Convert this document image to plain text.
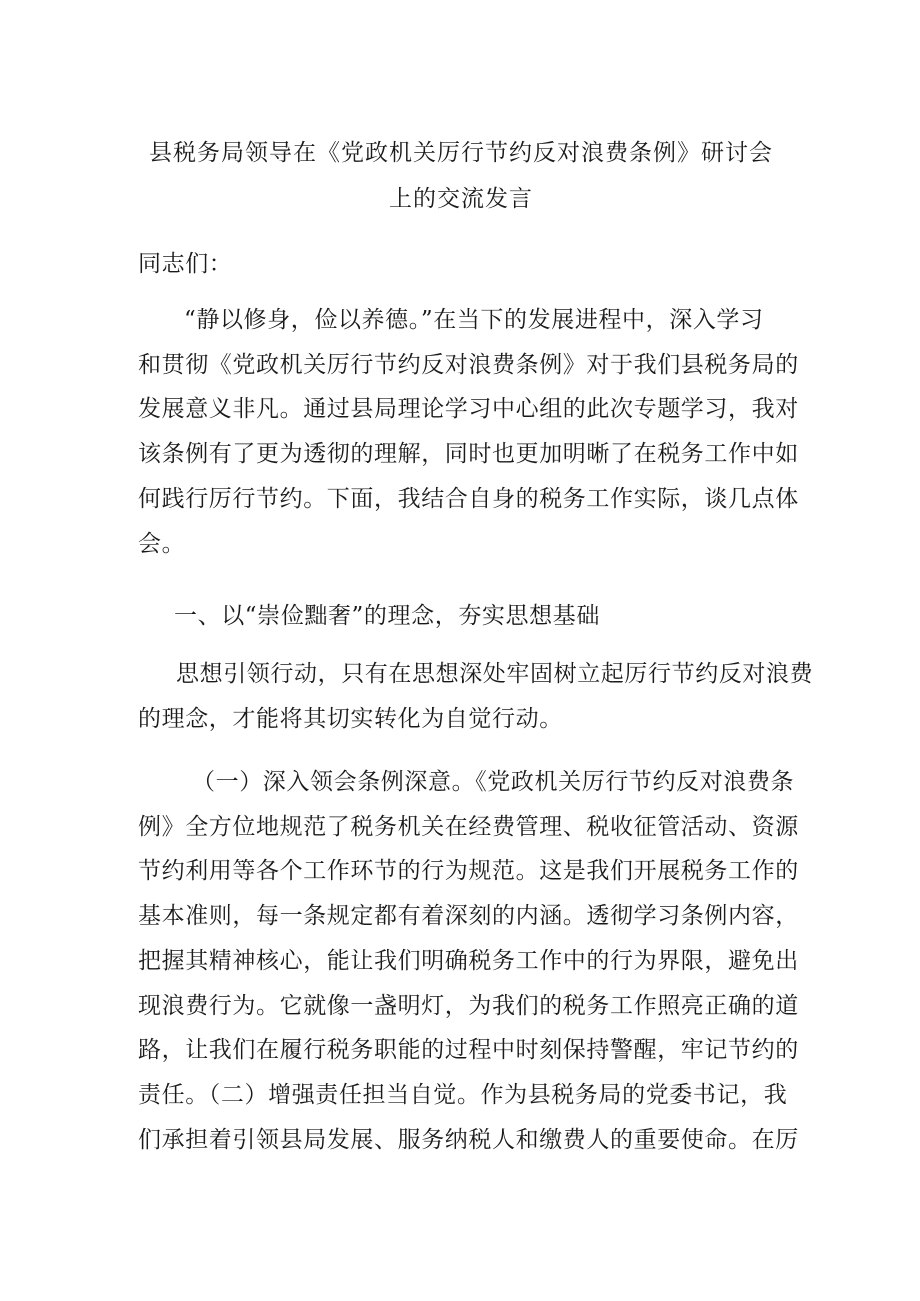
县税务局领导在《党政机关厉行节约反对浪费条例》研讨会
上的交流发言
同志们：
“静以修身，俭以养德。”在当下的发展进程中，深入学习
和贯彻《党政机关厉行节约反对浪费条例》对于我们县税务局的
发展意义非凡。通过县局理论学习中心组的此次专题学习，我对
该条例有了更为透彻的理解，同时也更加明晰了在税务工作中如
何践行厉行节约。下面，我结合自身的税务工作实际，谈几点体
会。
一、以“崇俭黜奢”的理念，夯实思想基础
思想引领行动，只有在思想深处牢固树立起厉行节约反对浪费
的理念，才能将其切实转化为自觉行动。
（一）深入领会条例深意。《党政机关厉行节约反对浪费条
例》全方位地规范了税务机关在经费管理、税收征管活动、资源
节约利用等各个工作环节的行为规范。这是我们开展税务工作的
基本准则，每一条规定都有着深刻的内涵。透彻学习条例内容，
把握其精神核心，能让我们明确税务工作中的行为界限，避免出
现浪费行为。它就像一盏明灯，为我们的税务工作照亮正确的道
路，让我们在履行税务职能的过程中时刻保持警醒，牢记节约的
责任。（二）增强责任担当自觉。作为县税务局的党委书记，我
们承担着引领县局发展、服务纳税人和缴费人的重要使命。在厉
